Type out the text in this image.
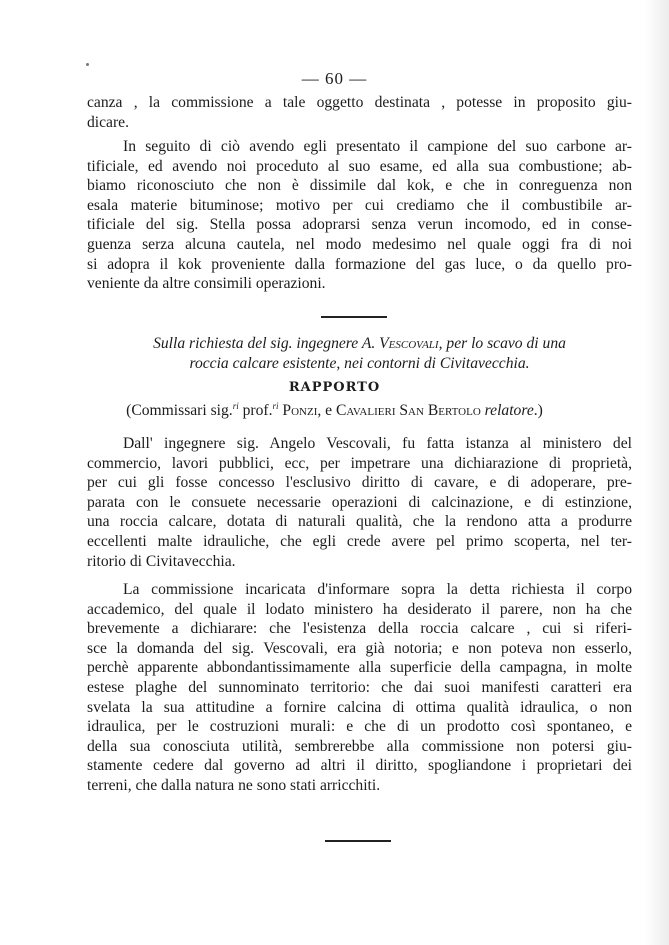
— 60 —
canza , la commissione a tale oggetto destinata , potesse in proposito giu-
dicare.
In seguito di ciò avendo egli presentato il campione del suo carbone ar-
tificiale, ed avendo noi proceduto al suo esame, ed alla sua combustione; ab-
biamo riconosciuto che non è dissimile dal kok, e che in conreguenza non
esala materie bituminose; motivo per cui crediamo che il combustibile ar-
tificiale del sig. Stella possa adoprarsi senza verun incomodo, ed in conse-
guenza serza alcuna cautela, nel modo medesimo nel quale oggi fra di noi
si adopra il kok proveniente dalla formazione del gas luce, o da quello pro-
veniente da altre consimili operazioni.
Sulla richiesta del sig. ingegnere A. Vescovali, per lo scavo di una
roccia calcare esistente, nei contorni di Civitavecchia.
RAPPORTO
(Commissari sig.$^{ri}$ prof.$^{ri}$ Ponzi, e Cavalieri San Bertolo relatore.)
Dall' ingegnere sig. Angelo Vescovali, fu fatta istanza al ministero del
commercio, lavori pubblici, ecc, per impetrare una dichiarazione di proprietà,
per cui gli fosse concesso l'esclusivo diritto di cavare, e di adoperare, pre-
parata con le consuete necessarie operazioni di calcinazione, e di estinzione,
una roccia calcare, dotata di naturali qualità, che la rendono atta a produrre
eccellenti malte idrauliche, che egli crede avere pel primo scoperta, nel ter-
ritorio di Civitavecchia.
La commissione incaricata d'informare sopra la detta richiesta il corpo
accademico, del quale il lodato ministero ha desiderato il parere, non ha che
brevemente a dichiarare: che l'esistenza della roccia calcare , cui si riferi-
sce la domanda del sig. Vescovali, era già notoria; e non poteva non esserlo,
perchè apparente abbondantissimamente alla superficie della campagna, in molte
estese plaghe del sunnominato territorio: che dai suoi manifesti caratteri era
svelata la sua attitudine a fornire calcina di ottima qualità idraulica, o non
idraulica, per le costruzioni murali: e che di un prodotto così spontaneo, e
della sua conosciuta utilità, sembrerebbe alla commissione non potersi giu-
stamente cedere dal governo ad altri il diritto, spogliandone i proprietari dei
terreni, che dalla natura ne sono stati arricchiti.
